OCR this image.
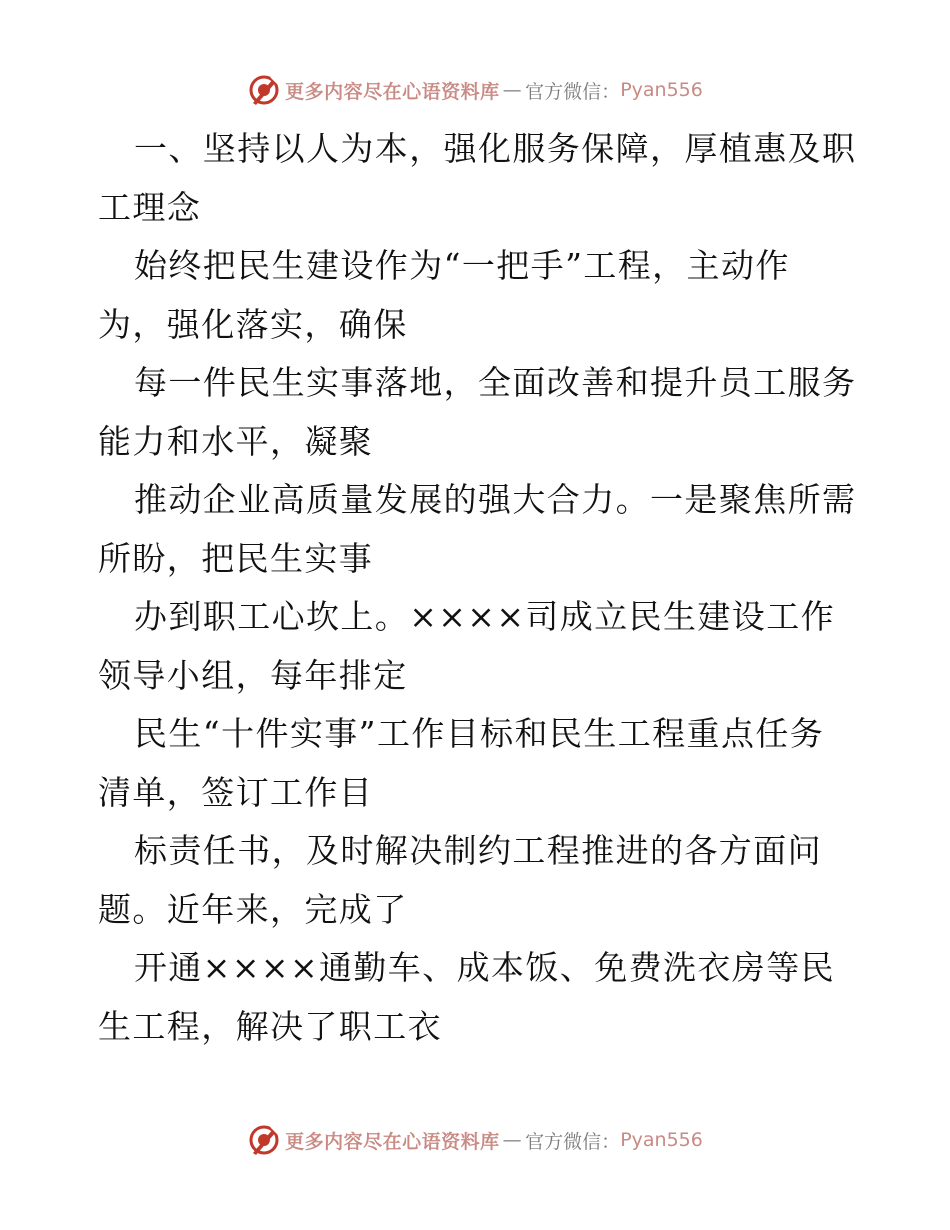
更多内容尽在心语资料库 — 官方微信： Pyan556

一、坚持以人为本，强化服务保障，厚植惠及职工理念

始终把民生建设作为“一把手”工程，主动作为，强化落实，确保

每一件民生实事落地，全面改善和提升员工服务能力和水平，凝聚

推动企业高质量发展的强大合力。一是聚焦所需所盼，把民生实事

办到职工心坎上。××××司成立民生建设工作领导小组，每年排定

民生“十件实事”工作目标和民生工程重点任务清单，签订工作目

标责任书，及时解决制约工程推进的各方面问题。近年来，完成了

开通××××通勤车、成本饭、免费洗衣房等民生工程，解决了职工衣

更多内容尽在心语资料库 — 官方微信： Pyan556
